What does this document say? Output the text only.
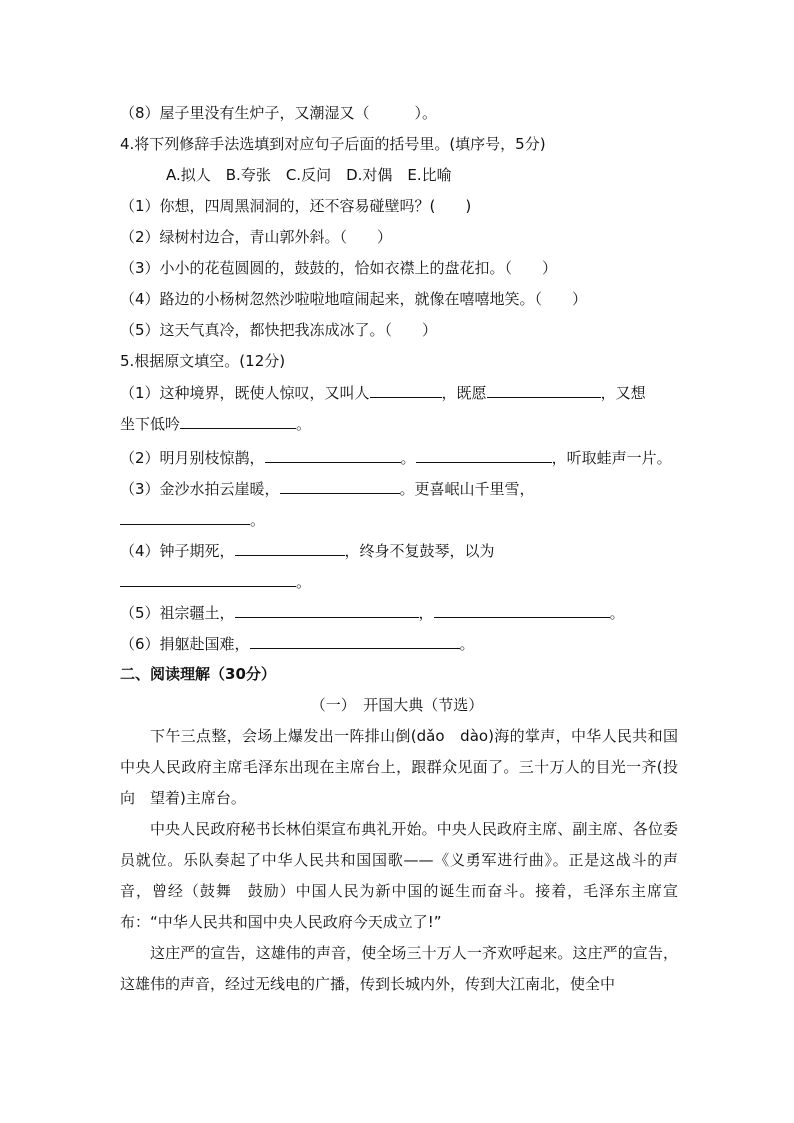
（8）屋子里没有生炉子，又潮湿又（　　　）。
4.将下列修辞手法选填到对应句子后面的括号里。(填序号，5分)
A.拟人　B.夸张　C.反问　D.对偶　E.比喻
（1）你想，四周黑洞洞的，还不容易碰壁吗？(　　)
（2）绿树村边合，青山郭外斜。（　　）
（3）小小的花苞圆圆的，鼓鼓的，恰如衣襟上的盘花扣。（　　）
（4）路边的小杨树忽然沙啦啦地喧闹起来，就像在嘻嘻地笑。（　　）
（5）这天气真冷，都快把我冻成冰了。（　　）
5.根据原文填空。(12分)
（1）这种境界，既使人惊叹，又叫人	，既愿	，又想
坐下低吟	。
（2）明月别枝惊鹊，	。	，听取蛙声一片。
（3）金沙水拍云崖暖，	。更喜岷山千里雪，
。
（4）钟子期死，	，终身不复鼓琴，以为
。
（5）祖宗疆土，	，	。
（6）捐躯赴国难，	。
二、阅读理解（30分）
（一）　开国大典（节选）
下午三点整，会场上爆发出一阵排山倒(dǎo　dào)海的掌声，中华人民共和国中央人民政府主席毛泽东出现在主席台上，跟群众见面了。三十万人的目光一齐(投向　望着)主席台。
中央人民政府秘书长林伯渠宣布典礼开始。中央人民政府主席、副主席、各位委员就位。乐队奏起了中华人民共和国国歌——《义勇军进行曲》。正是这战斗的声音，曾经（鼓舞　鼓励）中国人民为新中国的诞生而奋斗。接着，毛泽东主席宣布：“中华人民共和国中央人民政府今天成立了!”
这庄严的宣告，这雄伟的声音，使全场三十万人一齐欢呼起来。这庄严的宣告，这雄伟的声音，经过无线电的广播，传到长城内外，传到大江南北，使全中
